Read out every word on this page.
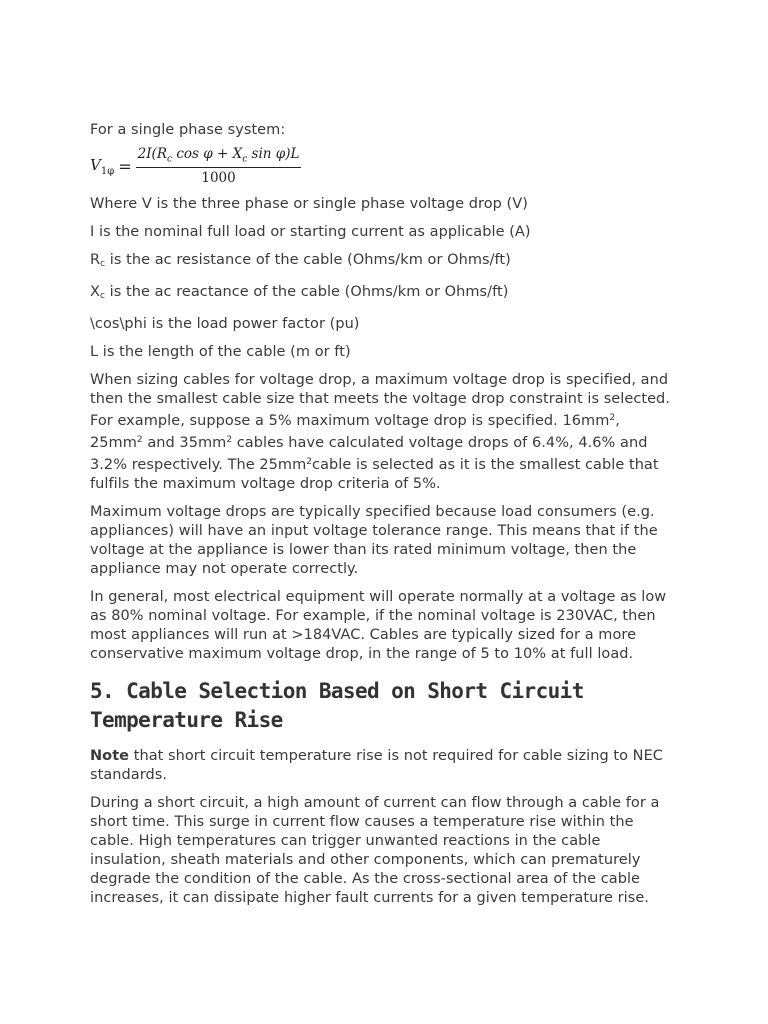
For a single phase system:

$V_{1\varphi} = \frac{2I(R_c \cos \varphi + X_c \sin \varphi)L}{1000}$

Where V is the three phase or single phase voltage drop (V)

I is the nominal full load or starting current as applicable (A)

Rc is the ac resistance of the cable (Ohms/km or Ohms/ft)

Xc is the ac reactance of the cable (Ohms/km or Ohms/ft)

\cos\phi is the load power factor (pu)

L is the length of the cable (m or ft)

When sizing cables for voltage drop, a maximum voltage drop is specified, and then the smallest cable size that meets the voltage drop constraint is selected. For example, suppose a 5% maximum voltage drop is specified. $16mm^2$, $25mm^2$ and $35mm^2$ cables have calculated voltage drops of 6.4%, 4.6% and 3.2% respectively. The $25mm^2cable$ is selected as it is the smallest cable that fulfils the maximum voltage drop criteria of 5%.

Maximum voltage drops are typically specified because load consumers (e.g. appliances) will have an input voltage tolerance range. This means that if the voltage at the appliance is lower than its rated minimum voltage, then the appliance may not operate correctly.

In general, most electrical equipment will operate normally at a voltage as low as 80% nominal voltage. For example, if the nominal voltage is 230VAC, then most appliances will run at >184VAC. Cables are typically sized for a more conservative maximum voltage drop, in the range of 5 to 10% at full load.

5. Cable Selection Based on Short Circuit Temperature Rise

Note that short circuit temperature rise is not required for cable sizing to NEC standards.

During a short circuit, a high amount of current can flow through a cable for a short time. This surge in current flow causes a temperature rise within the cable. High temperatures can trigger unwanted reactions in the cable insulation, sheath materials and other components, which can prematurely degrade the condition of the cable. As the cross-sectional area of the cable increases, it can dissipate higher fault currents for a given temperature rise.
